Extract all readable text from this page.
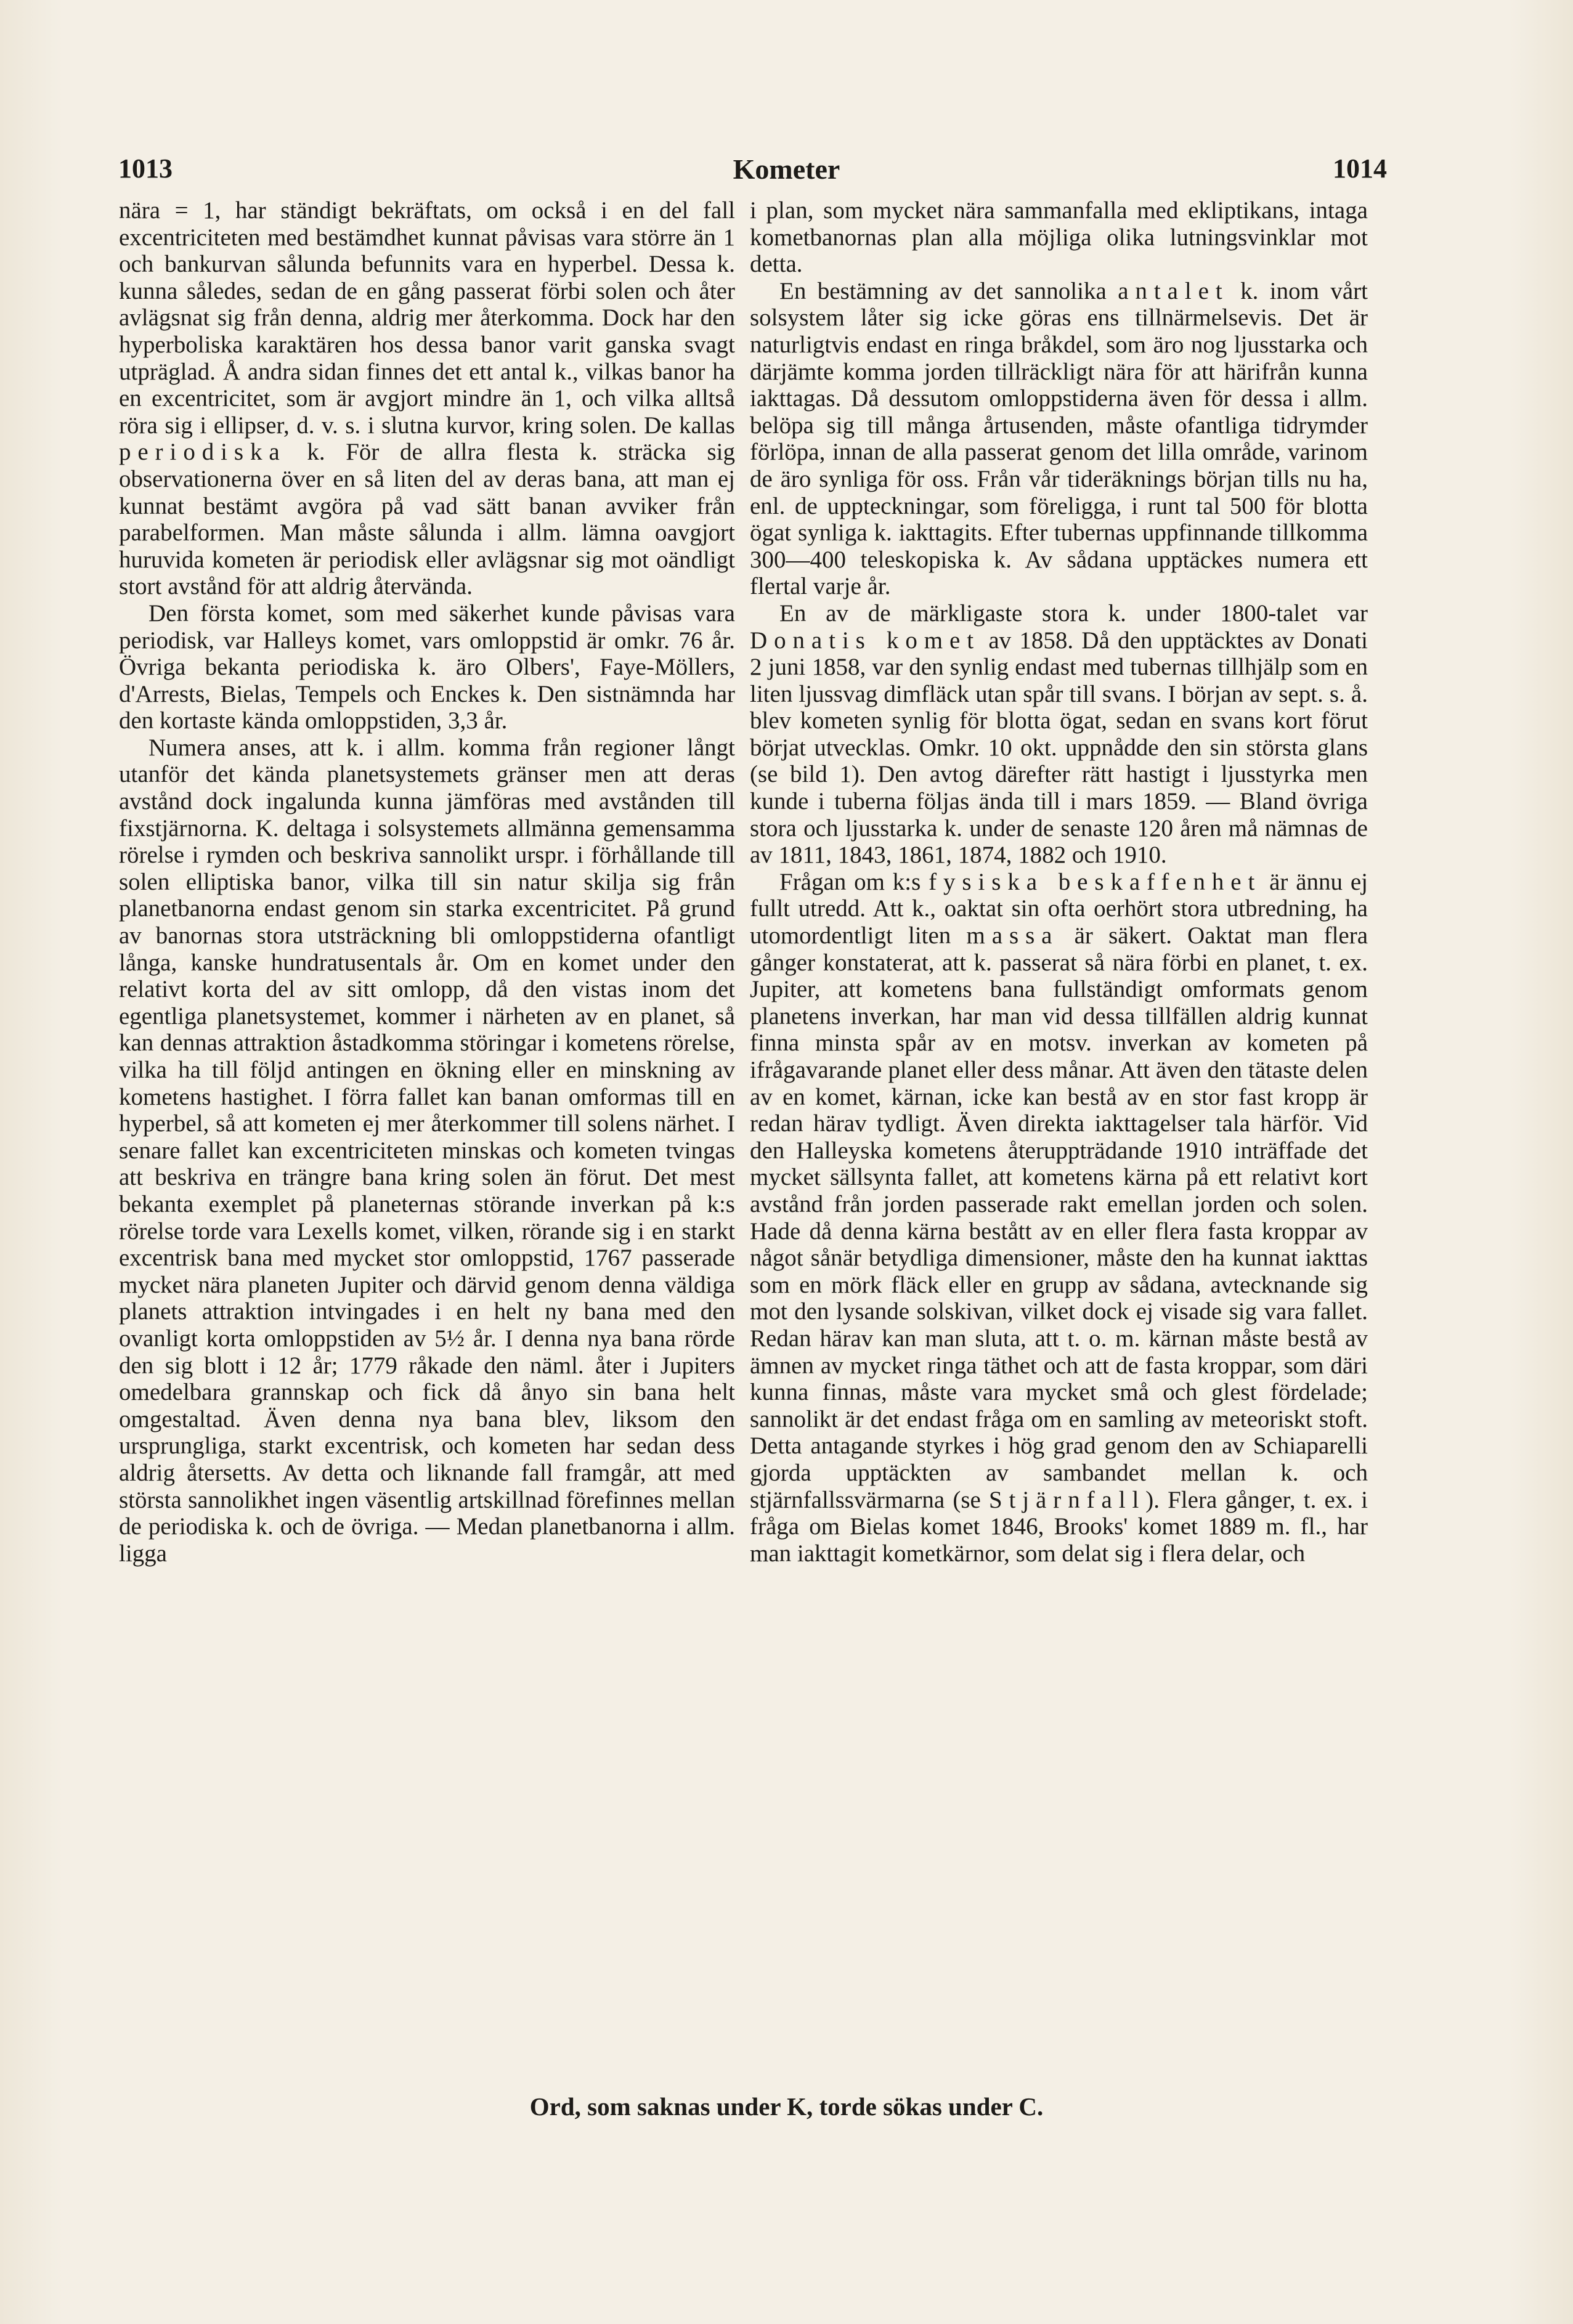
1013	Kometer	1014

nära = 1, har ständigt bekräftats, om också i en del fall excentriciteten med bestämdhet kunnat påvisas vara större än 1 och bankurvan sålunda befunnits vara en hyperbel. Dessa k. kunna således, sedan de en gång passerat förbi solen och åter avlägsnat sig från denna, aldrig mer återkomma. Dock har den hyperboliska karaktären hos dessa banor varit ganska svagt utpräglad. Å andra sidan finnes det ett antal k., vilkas banor ha en excentricitet, som är avgjort mindre än 1, och vilka alltså röra sig i ellipser, d. v. s. i slutna kurvor, kring solen. De kallas periodiska k. För de allra flesta k. sträcka sig observationerna över en så liten del av deras bana, att man ej kunnat bestämt avgöra på vad sätt banan avviker från parabelformen. Man måste sålunda i allm. lämna oavgjort huruvida kometen är periodisk eller avlägsnar sig mot oändligt stort avstånd för att aldrig återvända.

Den första komet, som med säkerhet kunde påvisas vara periodisk, var Halleys komet, vars omloppstid är omkr. 76 år. Övriga bekanta periodiska k. äro Olbers', Faye-Möllers, d'Arrests, Bielas, Tempels och Enckes k. Den sistnämnda har den kortaste kända omloppstiden, 3,3 år.

Numera anses, att k. i allm. komma från regioner långt utanför det kända planetsystemets gränser men att deras avstånd dock ingalunda kunna jämföras med avstånden till fixstjärnorna. K. deltaga i solsystemets allmänna gemensamma rörelse i rymden och beskriva sannolikt urspr. i förhållande till solen elliptiska banor, vilka till sin natur skilja sig från planetbanorna endast genom sin starka excentricitet. På grund av banornas stora utsträckning bli omloppstiderna ofantligt långa, kanske hundratusentals år. Om en komet under den relativt korta del av sitt omlopp, då den vistas inom det egentliga planetsystemet, kommer i närheten av en planet, så kan dennas attraktion åstadkomma störingar i kometens rörelse, vilka ha till följd antingen en ökning eller en minskning av kometens hastighet. I förra fallet kan banan omformas till en hyperbel, så att kometen ej mer återkommer till solens närhet. I senare fallet kan excentriciteten minskas och kometen tvingas att beskriva en trängre bana kring solen än förut. Det mest bekanta exemplet på planeternas störande inverkan på k:s rörelse torde vara Lexells komet, vilken, rörande sig i en starkt excentrisk bana med mycket stor omloppstid, 1767 passerade mycket nära planeten Jupiter och därvid genom denna väldiga planets attraktion intvingades i en helt ny bana med den ovanligt korta omloppstiden av 5½ år. I denna nya bana rörde den sig blott i 12 år; 1779 råkade den näml. åter i Jupiters omedelbara grannskap och fick då ånyo sin bana helt omgestaltad. Även denna nya bana blev, liksom den ursprungliga, starkt excentrisk, och kometen har sedan dess aldrig återsetts. Av detta och liknande fall framgår, att med största sannolikhet ingen väsentlig artskillnad förefinnes mellan de periodiska k. och de övriga. — Medan planetbanorna i allm. ligga

i plan, som mycket nära sammanfalla med ekliptikans, intaga kometbanornas plan alla möjliga olika lutningsvinklar mot detta.

En bestämning av det sannolika antalet k. inom vårt solsystem låter sig icke göras ens tillnärmelsevis. Det är naturligtvis endast en ringa bråkdel, som äro nog ljusstarka och därjämte komma jorden tillräckligt nära för att härifrån kunna iakttagas. Då dessutom omloppstiderna även för dessa i allm. belöpa sig till många årtusenden, måste ofantliga tidrymder förlöpa, innan de alla passerat genom det lilla område, varinom de äro synliga för oss. Från vår tideräknings början tills nu ha, enl. de uppteckningar, som föreligga, i runt tal 500 för blotta ögat synliga k. iakttagits. Efter tubernas uppfinnande tillkomma 300—400 teleskopiska k. Av sådana upptäckes numera ett flertal varje år.

En av de märkligaste stora k. under 1800-talet var Donatis komet av 1858. Då den upptäcktes av Donati 2 juni 1858, var den synlig endast med tubernas tillhjälp som en liten ljussvag dimfläck utan spår till svans. I början av sept. s. å. blev kometen synlig för blotta ögat, sedan en svans kort förut börjat utvecklas. Omkr. 10 okt. uppnådde den sin största glans (se bild 1). Den avtog därefter rätt hastigt i ljusstyrka men kunde i tuberna följas ända till i mars 1859. — Bland övriga stora och ljusstarka k. under de senaste 120 åren må nämnas de av 1811, 1843, 1861, 1874, 1882 och 1910.

Frågan om k:s fysiska beskaffenhet är ännu ej fullt utredd. Att k., oaktat sin ofta oerhört stora utbredning, ha utomordentligt liten massa är säkert. Oaktat man flera gånger konstaterat, att k. passerat så nära förbi en planet, t. ex. Jupiter, att kometens bana fullständigt omformats genom planetens inverkan, har man vid dessa tillfällen aldrig kunnat finna minsta spår av en motsv. inverkan av kometen på ifrågavarande planet eller dess månar. Att även den tätaste delen av en komet, kärnan, icke kan bestå av en stor fast kropp är redan härav tydligt. Även direkta iakttagelser tala härför. Vid den Halleyska kometens återuppträdande 1910 inträffade det mycket sällsynta fallet, att kometens kärna på ett relativt kort avstånd från jorden passerade rakt emellan jorden och solen. Hade då denna kärna bestått av en eller flera fasta kroppar av något sånär betydliga dimensioner, måste den ha kunnat iakttas som en mörk fläck eller en grupp av sådana, avtecknande sig mot den lysande solskivan, vilket dock ej visade sig vara fallet. Redan härav kan man sluta, att t. o. m. kärnan måste bestå av ämnen av mycket ringa täthet och att de fasta kroppar, som däri kunna finnas, måste vara mycket små och glest fördelade; sannolikt är det endast fråga om en samling av meteoriskt stoft. Detta antagande styrkes i hög grad genom den av Schiaparelli gjorda upptäckten av sambandet mellan k. och stjärnfallssvärmarna (se Stjärnfall). Flera gånger, t. ex. i fråga om Bielas komet 1846, Brooks' komet 1889 m. fl., har man iakttagit kometkärnor, som delat sig i flera delar, och

Ord, som saknas under K, torde sökas under C.
